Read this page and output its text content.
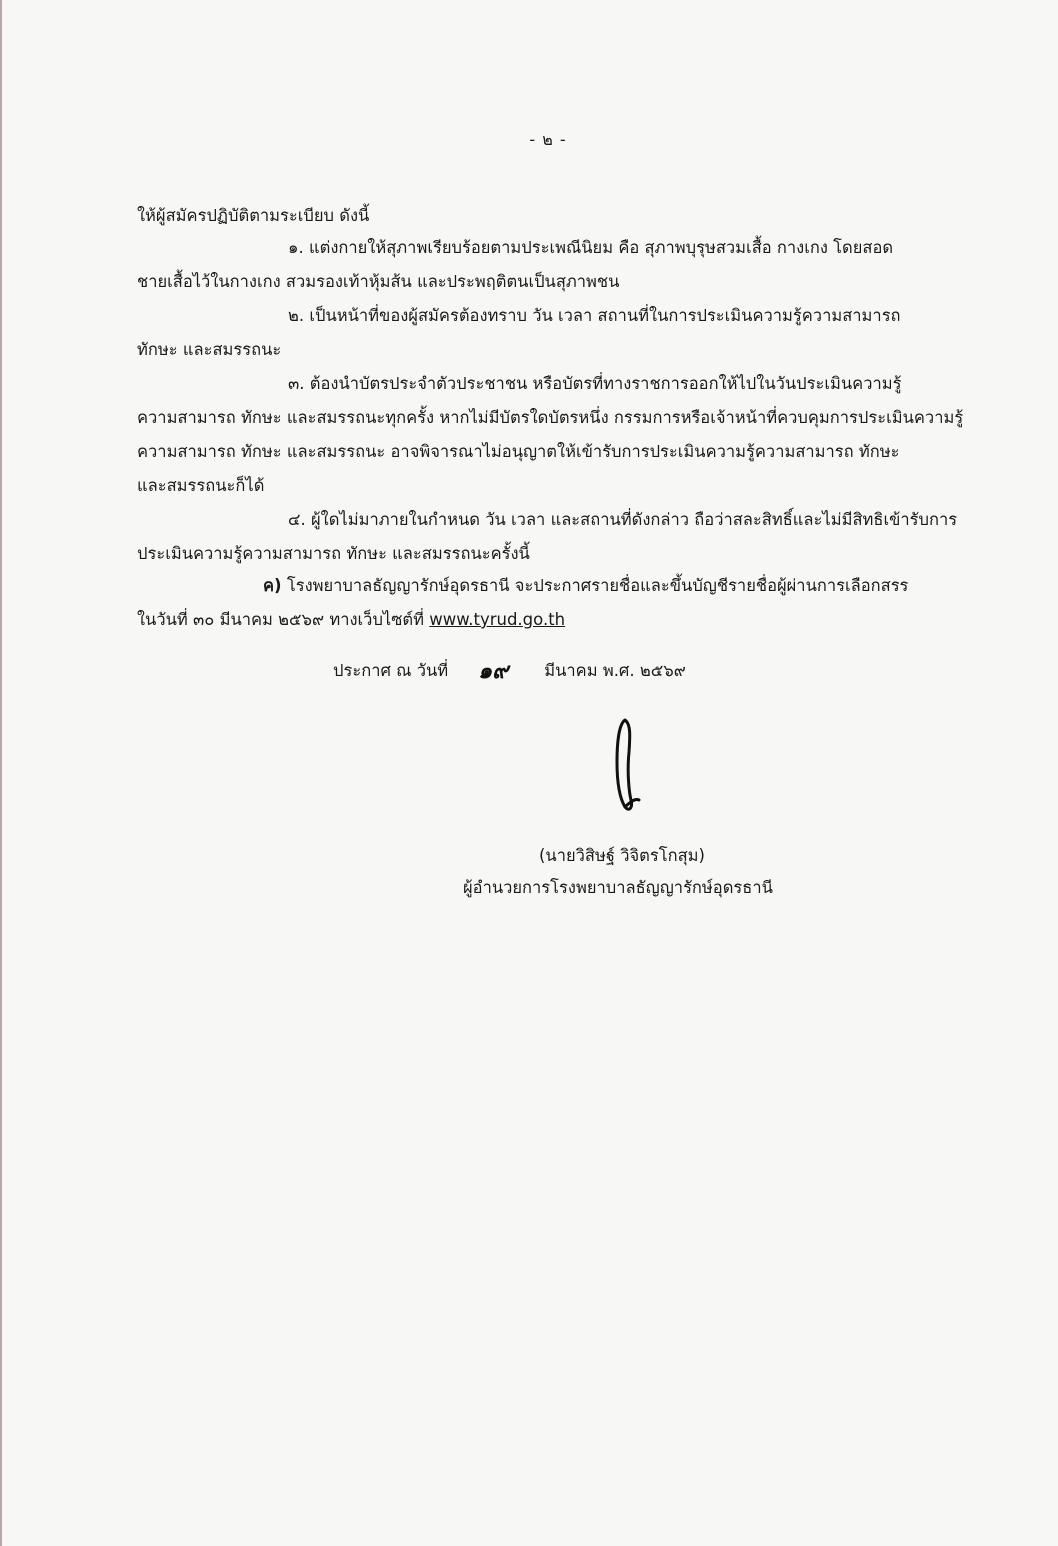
- ๒ -
ให้ผู้สมัครปฏิบัติตามระเบียบ ดังนี้
๑. แต่งกายให้สุภาพเรียบร้อยตามประเพณีนิยม คือ สุภาพบุรุษสวมเสื้อ กางเกง โดยสอด
ชายเสื้อไว้ในกางเกง สวมรองเท้าหุ้มส้น และประพฤติตนเป็นสุภาพชน
๒. เป็นหน้าที่ของผู้สมัครต้องทราบ วัน เวลา สถานที่ในการประเมินความรู้ความสามารถ
ทักษะ และสมรรถนะ
๓. ต้องนำบัตรประจำตัวประชาชน หรือบัตรที่ทางราชการออกให้ไปในวันประเมินความรู้
ความสามารถ ทักษะ และสมรรถนะทุกครั้ง หากไม่มีบัตรใดบัตรหนึ่ง กรรมการหรือเจ้าหน้าที่ควบคุมการประเมินความรู้
ความสามารถ ทักษะ และสมรรถนะ อาจพิจารณาไม่อนุญาตให้เข้ารับการประเมินความรู้ความสามารถ ทักษะ
และสมรรถนะก็ได้
๔. ผู้ใดไม่มาภายในกำหนด วัน เวลา และสถานที่ดังกล่าว ถือว่าสละสิทธิ์และไม่มีสิทธิเข้ารับการ
ประเมินความรู้ความสามารถ ทักษะ และสมรรถนะครั้งนี้
ค) โรงพยาบาลธัญญารักษ์อุดรธานี จะประกาศรายชื่อและขึ้นบัญชีรายชื่อผู้ผ่านการเลือกสรร
ในวันที่ ๓๐ มีนาคม ๒๕๖๙ ทางเว็บไซต์ที่ www.tyrud.go.th
ประกาศ ณ วันที่ ๑๙ มีนาคม พ.ศ. ๒๕๖๙
(นายวิสิษฐ์ วิจิตรโกสุม)
ผู้อำนวยการโรงพยาบาลธัญญารักษ์อุดรธานี
